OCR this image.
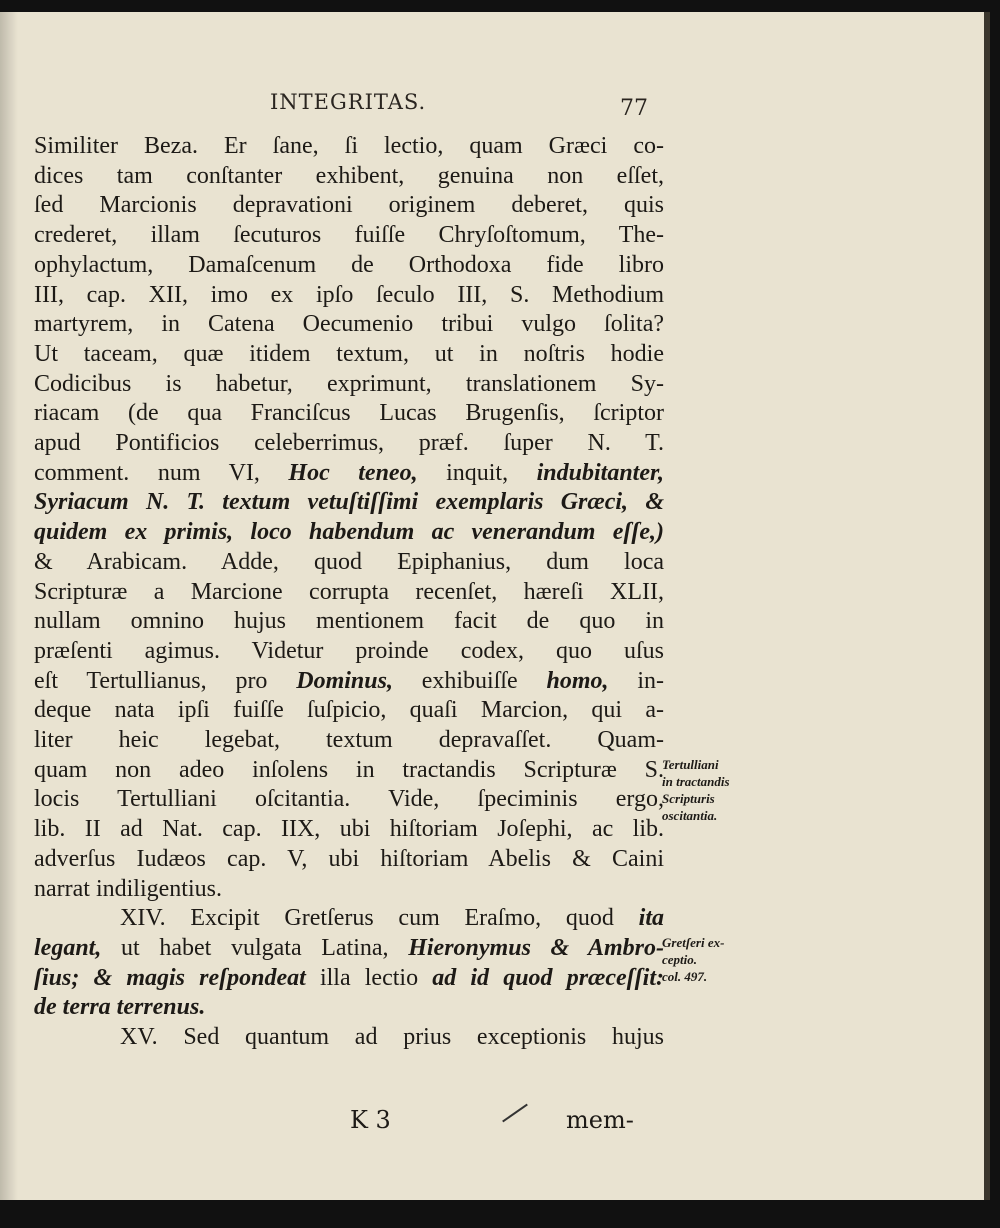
INTEGRITAS.	77
Similiter Beza. Er ſane, ſi lectio, quam Græci co-
dices tam conſtanter exhibent, genuina non eſſet,
ſed Marcionis depravationi originem deberet, quis
crederet, illam ſecuturos fuiſſe Chryſoſtomum, The-
ophylactum, Damaſcenum de Orthodoxa fide libro
III, cap. XII, imo ex ipſo ſeculo III, S. Methodium
martyrem, in Catena Oecumenio tribui vulgo ſolita?
Ut taceam, quæ itidem textum, ut in noſtris hodie
Codicibus is habetur, exprimunt, translationem Sy-
riacam (de qua Franciſcus Lucas Brugenſis, ſcriptor
apud Pontificios celeberrimus, præf. ſuper N. T.
comment. num VI, Hoc teneo, inquit, indubitanter,
Syriacum N. T. textum vetuſtiſſimi exemplaris Græci, &
quidem ex primis, loco habendum ac venerandum eſſe,)
& Arabicam. Adde, quod Epiphanius, dum loca
Scripturæ a Marcione corrupta recenſet, hæreſi XLII,
nullam omnino hujus mentionem facit de quo in
præſenti agimus. Videtur proinde codex, quo uſus
eſt Tertullianus, pro Dominus, exhibuiſſe homo, in-
deque nata ipſi fuiſſe ſuſpicio, quaſi Marcion, qui a-
liter heic legebat, textum depravaſſet. Quam-
quam non adeo inſolens in tractandis Scripturæ S.
locis Tertulliani oſcitantia. Vide, ſpeciminis ergo,
lib. II ad Nat. cap. IIX, ubi hiſtoriam Joſephi, ac lib.
adverſus Iudæos cap. V, ubi hiſtoriam Abelis & Caini
narrat indiligentius.
XIV. Excipit Gretſerus cum Eraſmo, quod ita
legant, ut habet vulgata Latina, Hieronymus & Ambro-
ſius; & magis reſpondeat illa lectio ad id quod præceſſit:
de terra terrenus.
XV. Sed quantum ad prius exceptionis hujus
Tertulliani
in tractandis
Scripturis
oscitantia.
Gretſeri ex-
ceptio.
col. 497.
K 3	mem-
